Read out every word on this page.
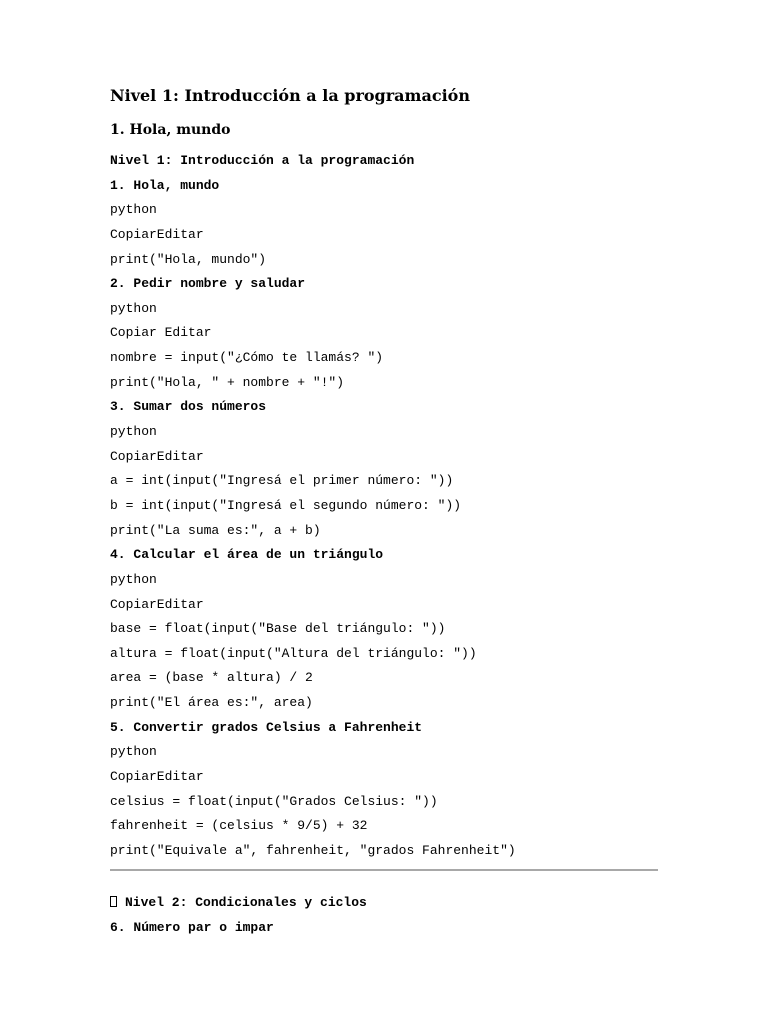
Nivel 1: Introducción a la programación
1. Hola, mundo
Nivel 1: Introducción a la programación
1. Hola, mundo
python
CopiarEditar
print("Hola, mundo")
2. Pedir nombre y saludar
python
Copiar Editar
nombre = input("¿Cómo te llamás? ")
print("Hola, " + nombre + "!")
3. Sumar dos números
python
CopiarEditar
a = int(input("Ingresá el primer número: "))
b = int(input("Ingresá el segundo número: "))
print("La suma es:", a + b)
4. Calcular el área de un triángulo
python
CopiarEditar
base = float(input("Base del triángulo: "))
altura = float(input("Altura del triángulo: "))
area = (base * altura) / 2
print("El área es:", area)
5. Convertir grados Celsius a Fahrenheit
python
CopiarEditar
celsius = float(input("Grados Celsius: "))
fahrenheit = (celsius * 9/5) + 32
print("Equivale a", fahrenheit, "grados Fahrenheit")
Nivel 2: Condicionales y ciclos
6. Número par o impar
